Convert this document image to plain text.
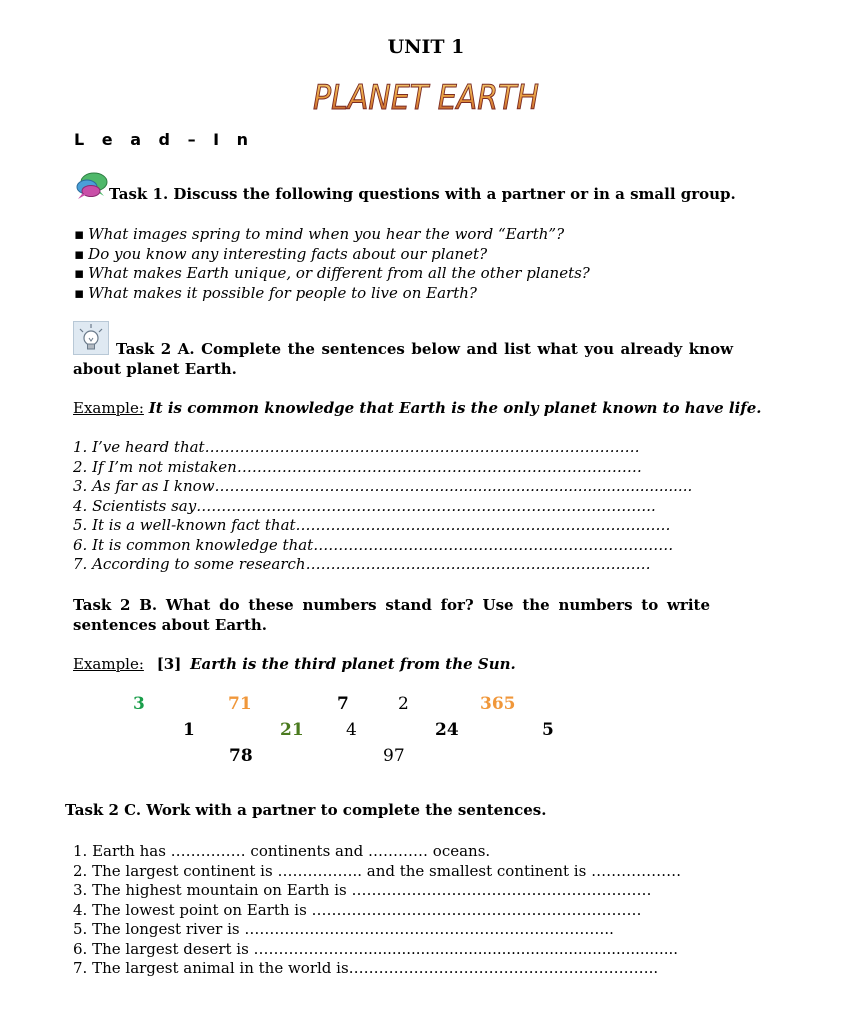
UNIT 1
PLANET EARTH
L e a d – I n
Task 1. Discuss the following questions with a partner or in a small group.
▪ What images spring to mind when you hear the word “Earth”?
▪ Do you know any interesting facts about our planet?
▪ What makes Earth unique, or different from all the other planets?
▪ What makes it possible for people to live on Earth?
Task 2 A. Complete the sentences below and list what you already know
about planet Earth.
Example: It is common knowledge that Earth is the only planet known to have life.
1. I’ve heard that……………………………………………………………………………
2. If I’m not mistaken………………………………………………………………………
3. As far as I know……………………………………….....................................................
4. Scientists say………………………………………………………………………………..
5. It is a well-known fact that…………………………………………………………………
6. It is common knowledge that………………………………………………………………
7. According to some research……………………………………………………………
Task 2 B. What do these numbers stand for? Use the numbers to write
sentences about Earth.
Example: [3] Earth is the third planet from the Sun.
3	71	7	2	365
1	21 4	24	5
78	97
Task 2 C. Work with a partner to complete the sentences.
1. Earth has …………… continents and ………… oceans.
2. The largest continent is …………….. and the smallest continent is ………………
3. The highest mountain on Earth is ……………………………………………………
4. The lowest point on Earth is …………………………………………………………
5. The longest river is ………………………………………………………………..
6. The largest desert is …………………...................................................................
7. The largest animal in the world is……………………………………………………..
